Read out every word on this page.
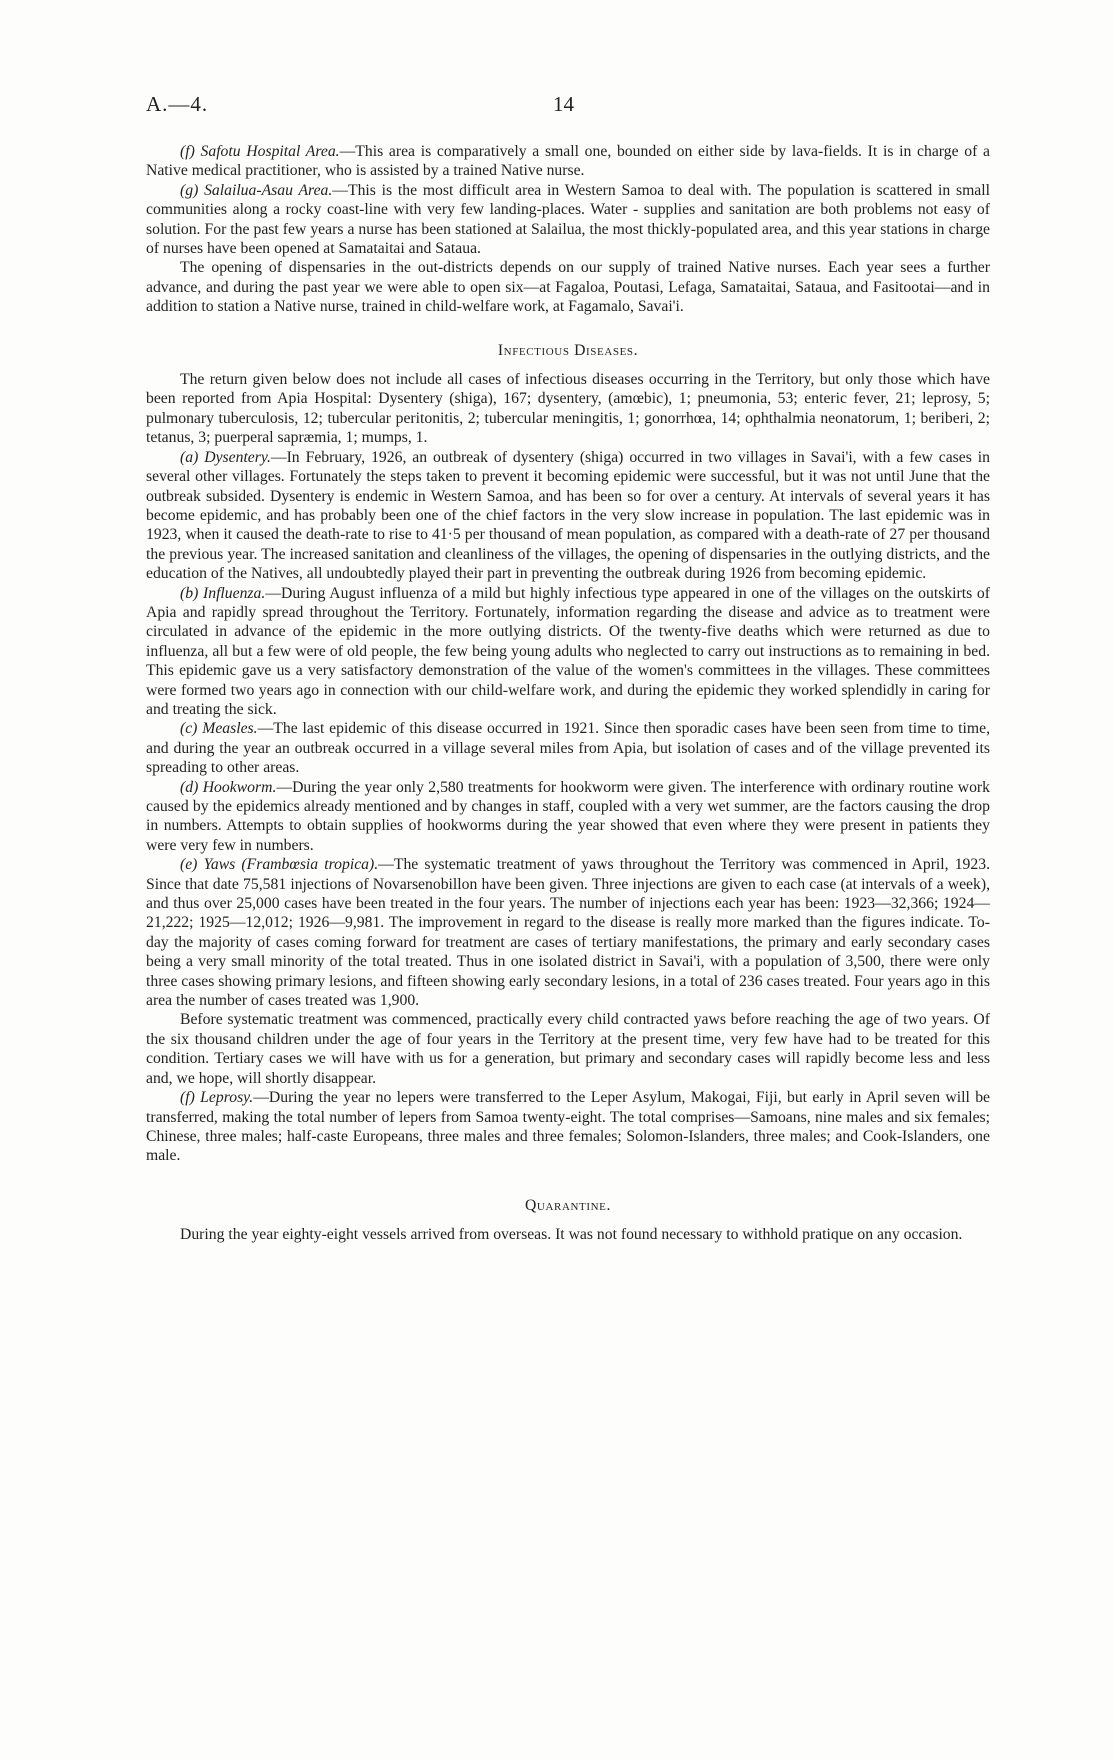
A.—4.	14

(f) Safotu Hospital Area.—This area is comparatively a small one, bounded on either side by lava-fields. It is in charge of a Native medical practitioner, who is assisted by a trained Native nurse.

(g) Salailua-Asau Area.—This is the most difficult area in Western Samoa to deal with. The population is scattered in small communities along a rocky coast-line with very few landing-places. Water - supplies and sanitation are both problems not easy of solution. For the past few years a nurse has been stationed at Salailua, the most thickly-populated area, and this year stations in charge of nurses have been opened at Samataitai and Sataua.

The opening of dispensaries in the out-districts depends on our supply of trained Native nurses. Each year sees a further advance, and during the past year we were able to open six—at Fagaloa, Poutasi, Lefaga, Samataitai, Sataua, and Fasitootai—and in addition to station a Native nurse, trained in child-welfare work, at Fagamalo, Savai'i.

Infectious Diseases.

The return given below does not include all cases of infectious diseases occurring in the Territory, but only those which have been reported from Apia Hospital: Dysentery (shiga), 167; dysentery, (amœbic), 1; pneumonia, 53; enteric fever, 21; leprosy, 5; pulmonary tuberculosis, 12; tubercular peritonitis, 2; tubercular meningitis, 1; gonorrhœa, 14; ophthalmia neonatorum, 1; beriberi, 2; tetanus, 3; puerperal sapræmia, 1; mumps, 1.

(a) Dysentery.—In February, 1926, an outbreak of dysentery (shiga) occurred in two villages in Savai'i, with a few cases in several other villages. Fortunately the steps taken to prevent it becoming epidemic were successful, but it was not until June that the outbreak subsided. Dysentery is endemic in Western Samoa, and has been so for over a century. At intervals of several years it has become epidemic, and has probably been one of the chief factors in the very slow increase in population. The last epidemic was in 1923, when it caused the death-rate to rise to 41·5 per thousand of mean population, as compared with a death-rate of 27 per thousand the previous year. The increased sanitation and cleanliness of the villages, the opening of dispensaries in the outlying districts, and the education of the Natives, all undoubtedly played their part in preventing the outbreak during 1926 from becoming epidemic.

(b) Influenza.—During August influenza of a mild but highly infectious type appeared in one of the villages on the outskirts of Apia and rapidly spread throughout the Territory. Fortunately, information regarding the disease and advice as to treatment were circulated in advance of the epidemic in the more outlying districts. Of the twenty-five deaths which were returned as due to influenza, all but a few were of old people, the few being young adults who neglected to carry out instructions as to remaining in bed. This epidemic gave us a very satisfactory demonstration of the value of the women's committees in the villages. These committees were formed two years ago in connection with our child-welfare work, and during the epidemic they worked splendidly in caring for and treating the sick.

(c) Measles.—The last epidemic of this disease occurred in 1921. Since then sporadic cases have been seen from time to time, and during the year an outbreak occurred in a village several miles from Apia, but isolation of cases and of the village prevented its spreading to other areas.

(d) Hookworm.—During the year only 2,580 treatments for hookworm were given. The interference with ordinary routine work caused by the epidemics already mentioned and by changes in staff, coupled with a very wet summer, are the factors causing the drop in numbers. Attempts to obtain supplies of hookworms during the year showed that even where they were present in patients they were very few in numbers.

(e) Yaws (Frambœsia tropica).—The systematic treatment of yaws throughout the Territory was commenced in April, 1923. Since that date 75,581 injections of Novarsenobillon have been given. Three injections are given to each case (at intervals of a week), and thus over 25,000 cases have been treated in the four years. The number of injections each year has been: 1923—32,366; 1924—21,222; 1925—12,012; 1926—9,981. The improvement in regard to the disease is really more marked than the figures indicate. To-day the majority of cases coming forward for treatment are cases of tertiary manifestations, the primary and early secondary cases being a very small minority of the total treated. Thus in one isolated district in Savai'i, with a population of 3,500, there were only three cases showing primary lesions, and fifteen showing early secondary lesions, in a total of 236 cases treated. Four years ago in this area the number of cases treated was 1,900.

Before systematic treatment was commenced, practically every child contracted yaws before reaching the age of two years. Of the six thousand children under the age of four years in the Territory at the present time, very few have had to be treated for this condition. Tertiary cases we will have with us for a generation, but primary and secondary cases will rapidly become less and less and, we hope, will shortly disappear.

(f) Leprosy.—During the year no lepers were transferred to the Leper Asylum, Makogai, Fiji, but early in April seven will be transferred, making the total number of lepers from Samoa twenty-eight. The total comprises—Samoans, nine males and six females; Chinese, three males; half-caste Europeans, three males and three females; Solomon-Islanders, three males; and Cook-Islanders, one male.

Quarantine.

During the year eighty-eight vessels arrived from overseas. It was not found necessary to withhold pratique on any occasion.
